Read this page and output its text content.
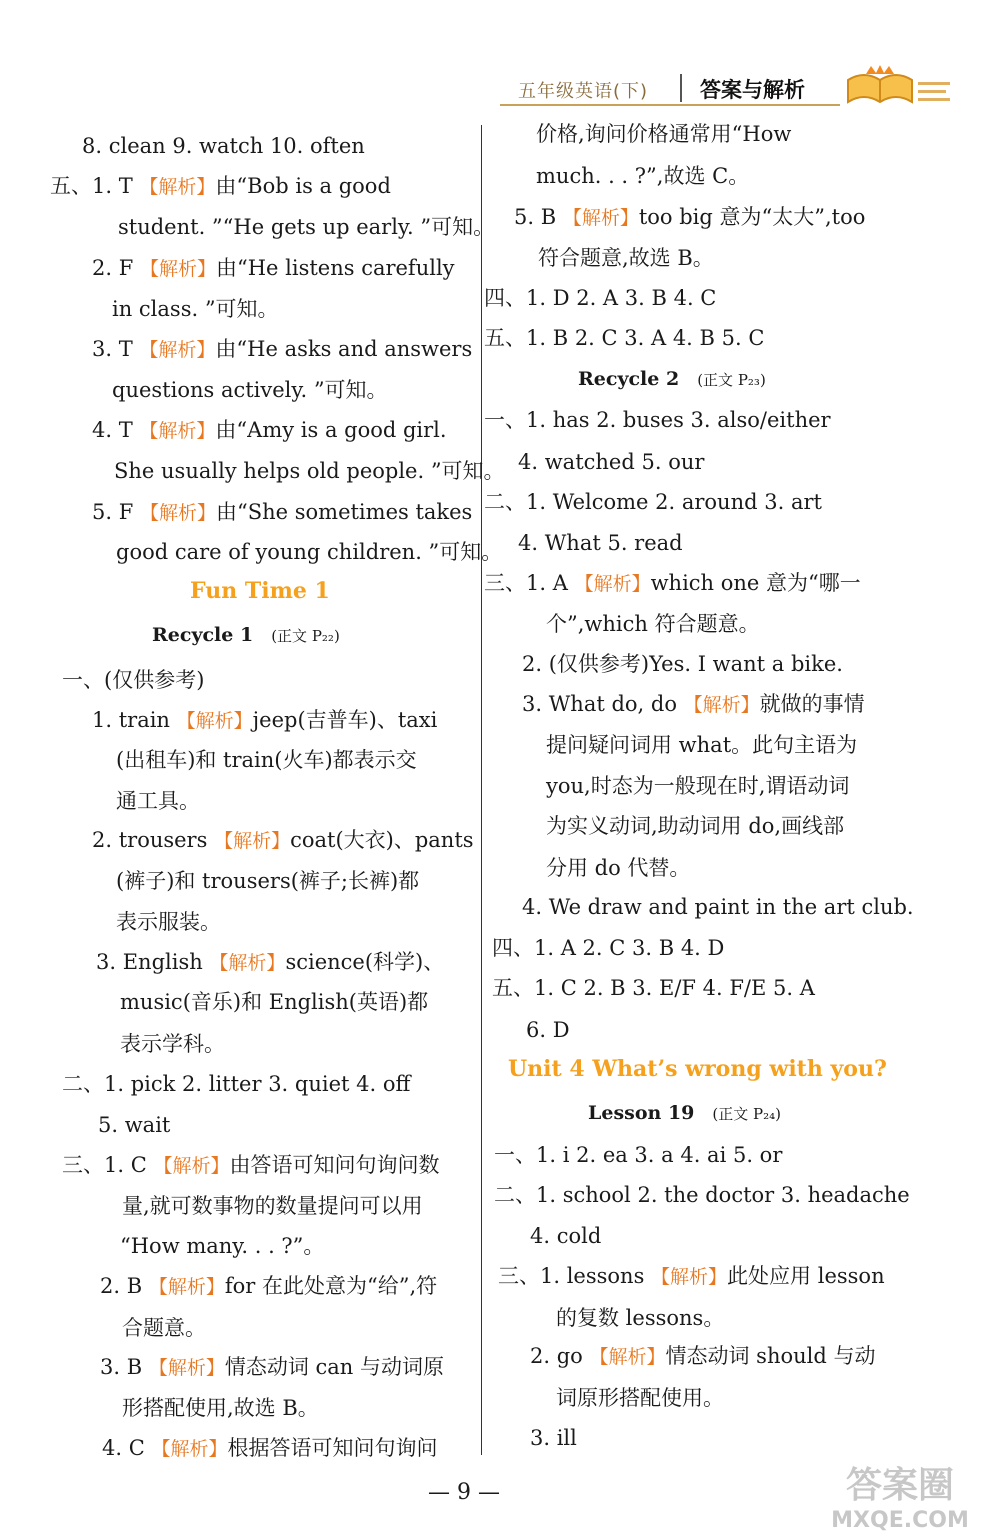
五年级英语(下) 答案与解析
8. clean 9. watch 10. often
五、1. T 【解析】由“Bob is a good
student. ”“He gets up early. ”可知。
2. F 【解析】由“He listens carefully
in class. ”可知。
3. T 【解析】由“He asks and answers
questions actively. ”可知。
4. T 【解析】由“Amy is a good girl.
She usually helps old people. ”可知。
5. F 【解析】由“She sometimes takes
good care of young children. ”可知。
一、(仅供参考)
1. train 【解析】jeep(吉普车)、taxi
(出租车)和 train(火车)都表示交
通工具。
2. trousers 【解析】coat(大衣)、pants
(裤子)和 trousers(裤子;长裤)都
表示服装。
3. English 【解析】science(科学)、
music(音乐)和 English(英语)都
表示学科。
二、1. pick 2. litter 3. quiet 4. off
5. wait
三、1. C 【解析】由答语可知问句询问数
量,就可数事物的数量提问可以用
“How many. . . ?”。
2. B 【解析】for 在此处意为“给”,符
合题意。
3. B 【解析】情态动词 can 与动词原
形搭配使用,故选 B。
4. C 【解析】根据答语可知问句询问
Fun Time 1
Recycle 1 (正文 P₂₂)
价格,询问价格通常用“How
much. . . ?”,故选 C。
5. B 【解析】too big 意为“太大”,too
符合题意,故选 B。
四、1. D 2. A 3. B 4. C
五、1. B 2. C 3. A 4. B 5. C
一、1. has 2. buses 3. also/either
4. watched 5. our
二、1. Welcome 2. around 3. art
4. What 5. read
三、1. A 【解析】which one 意为“哪一
个”,which 符合题意。
2. (仅供参考)Yes. I want a bike.
3. What do, do 【解析】就做的事情
提问疑问词用 what。此句主语为
you,时态为一般现在时,谓语动词
为实义动词,助动词用 do,画线部
分用 do 代替。
4. We draw and paint in the art club.
四、1. A 2. C 3. B 4. D
五、1. C 2. B 3. E/F 4. F/E 5. A
6. D
一、1. i 2. ea 3. a 4. ai 5. or
二、1. school 2. the doctor 3. headache
4. cold
三、1. lessons 【解析】此处应用 lesson
的复数 lessons。
2. go 【解析】情态动词 should 与动
词原形搭配使用。
3. ill
Recycle 2 (正文 P₂₃)
Unit 4 What’s wrong with you?
Lesson 19 (正文 P₂₄)
— 9 —	答案圈
MXQE.COM
